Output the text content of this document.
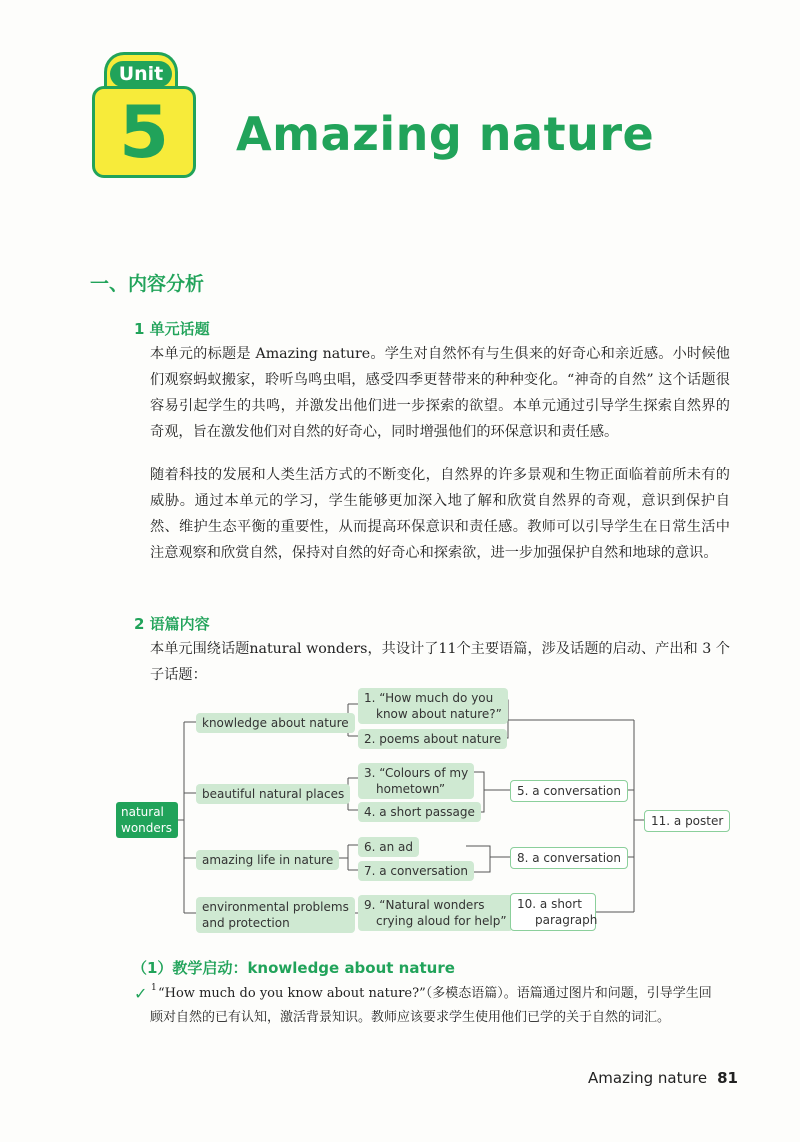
Unit
5	Amazing nature
一、内容分析
1 单元话题
本单元的标题是 Amazing nature。学生对自然怀有与生俱来的好奇心和亲近感。小时候他们观察蚂蚁搬家，聆听鸟鸣虫唱，感受四季更替带来的种种变化。“神奇的自然” 这个话题很容易引起学生的共鸣，并激发出他们进一步探索的欲望。本单元通过引导学生探索自然界的奇观，旨在激发他们对自然的好奇心，同时增强他们的环保意识和责任感。
随着科技的发展和人类生活方式的不断变化，自然界的许多景观和生物正面临着前所未有的威胁。通过本单元的学习，学生能够更加深入地了解和欣赏自然界的奇观，意识到保护自然、维护生态平衡的重要性，从而提高环保意识和责任感。教师可以引导学生在日常生活中注意观察和欣赏自然，保持对自然的好奇心和探索欲，进一步加强保护自然和地球的意识。
2 语篇内容
本单元围绕话题natural wonders，共设计了11个主要语篇，涉及话题的启动、产出和 3 个子话题：
natural
wonders
knowledge about nature
beautiful natural places
amazing life in nature
environmental problems
and protection
1. “How much do you
know about nature?”
2. poems about nature
3. “Colours of my
hometown”
4. a short passage
5. a conversation
6. an ad
7. a conversation
8. a conversation
9. “Natural wonders
crying aloud for help”
10. a short
paragraph
11. a poster
（1）教学启动：knowledge about nature
✓ 1 “How much do you know about nature?”（多模态语篇）。语篇通过图片和问题，引导学生回
顾对自然的已有认知，激活背景知识。教师应该要求学生使用他们已学的关于自然的词汇。
Amazing nature 81
